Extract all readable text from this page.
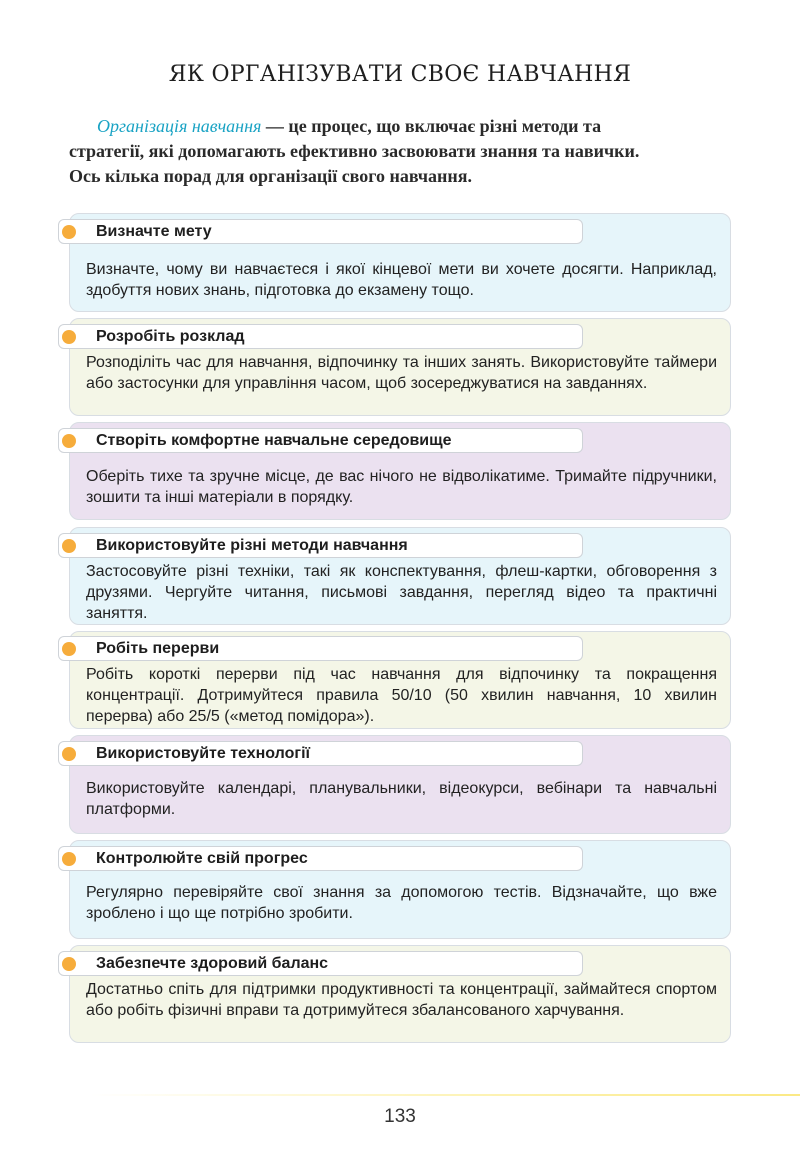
ЯК ОРГАНІЗУВАТИ СВОЄ НАВЧАННЯ
Організація навчання — це процес, що включає різні методи та
стратегії, які допомагають ефективно засвоювати знання та навички.
Ось кілька порад для організації свого навчання.
Визначте, чому ви навчаєтеся і якої кінцевої мети ви хочете досягти. Наприклад, здобуття нових знань, підготовка до екзамену тощо.
Визначте мету
Розподіліть час для навчання, відпочинку та інших занять. Використовуйте таймери або застосунки для управління часом, щоб зосереджуватися на завданнях.
Розробіть розклад
Оберіть тихе та зручне місце, де вас нічого не відволікатиме. Тримайте підручники, зошити та інші матеріали в порядку.
Створіть комфортне навчальне середовище
Застосовуйте різні техніки, такі як конспектування, флеш-картки, обговорення з друзями. Чергуйте читання, письмові завдання, перегляд відео та практичні заняття.
Використовуйте різні методи навчання
Робіть короткі перерви під час навчання для відпочинку та покращення концентрації. Дотримуйтеся правила 50/10 (50 хвилин навчання, 10 хвилин перерва) або 25/5 («метод помідора»).
Робіть перерви
Використовуйте календарі, планувальники, відеокурси, вебінари та навчальні платформи.
Використовуйте технології
Регулярно перевіряйте свої знання за допомогою тестів. Відзначайте, що вже зроблено і що ще потрібно зробити.
Контролюйте свій прогрес
Достатньо спіть для підтримки продуктивності та концентрації, займайтеся спортом або робіть фізичні вправи та дотримуйтеся збалансованого харчування.
Забезпечте здоровий баланс
133
